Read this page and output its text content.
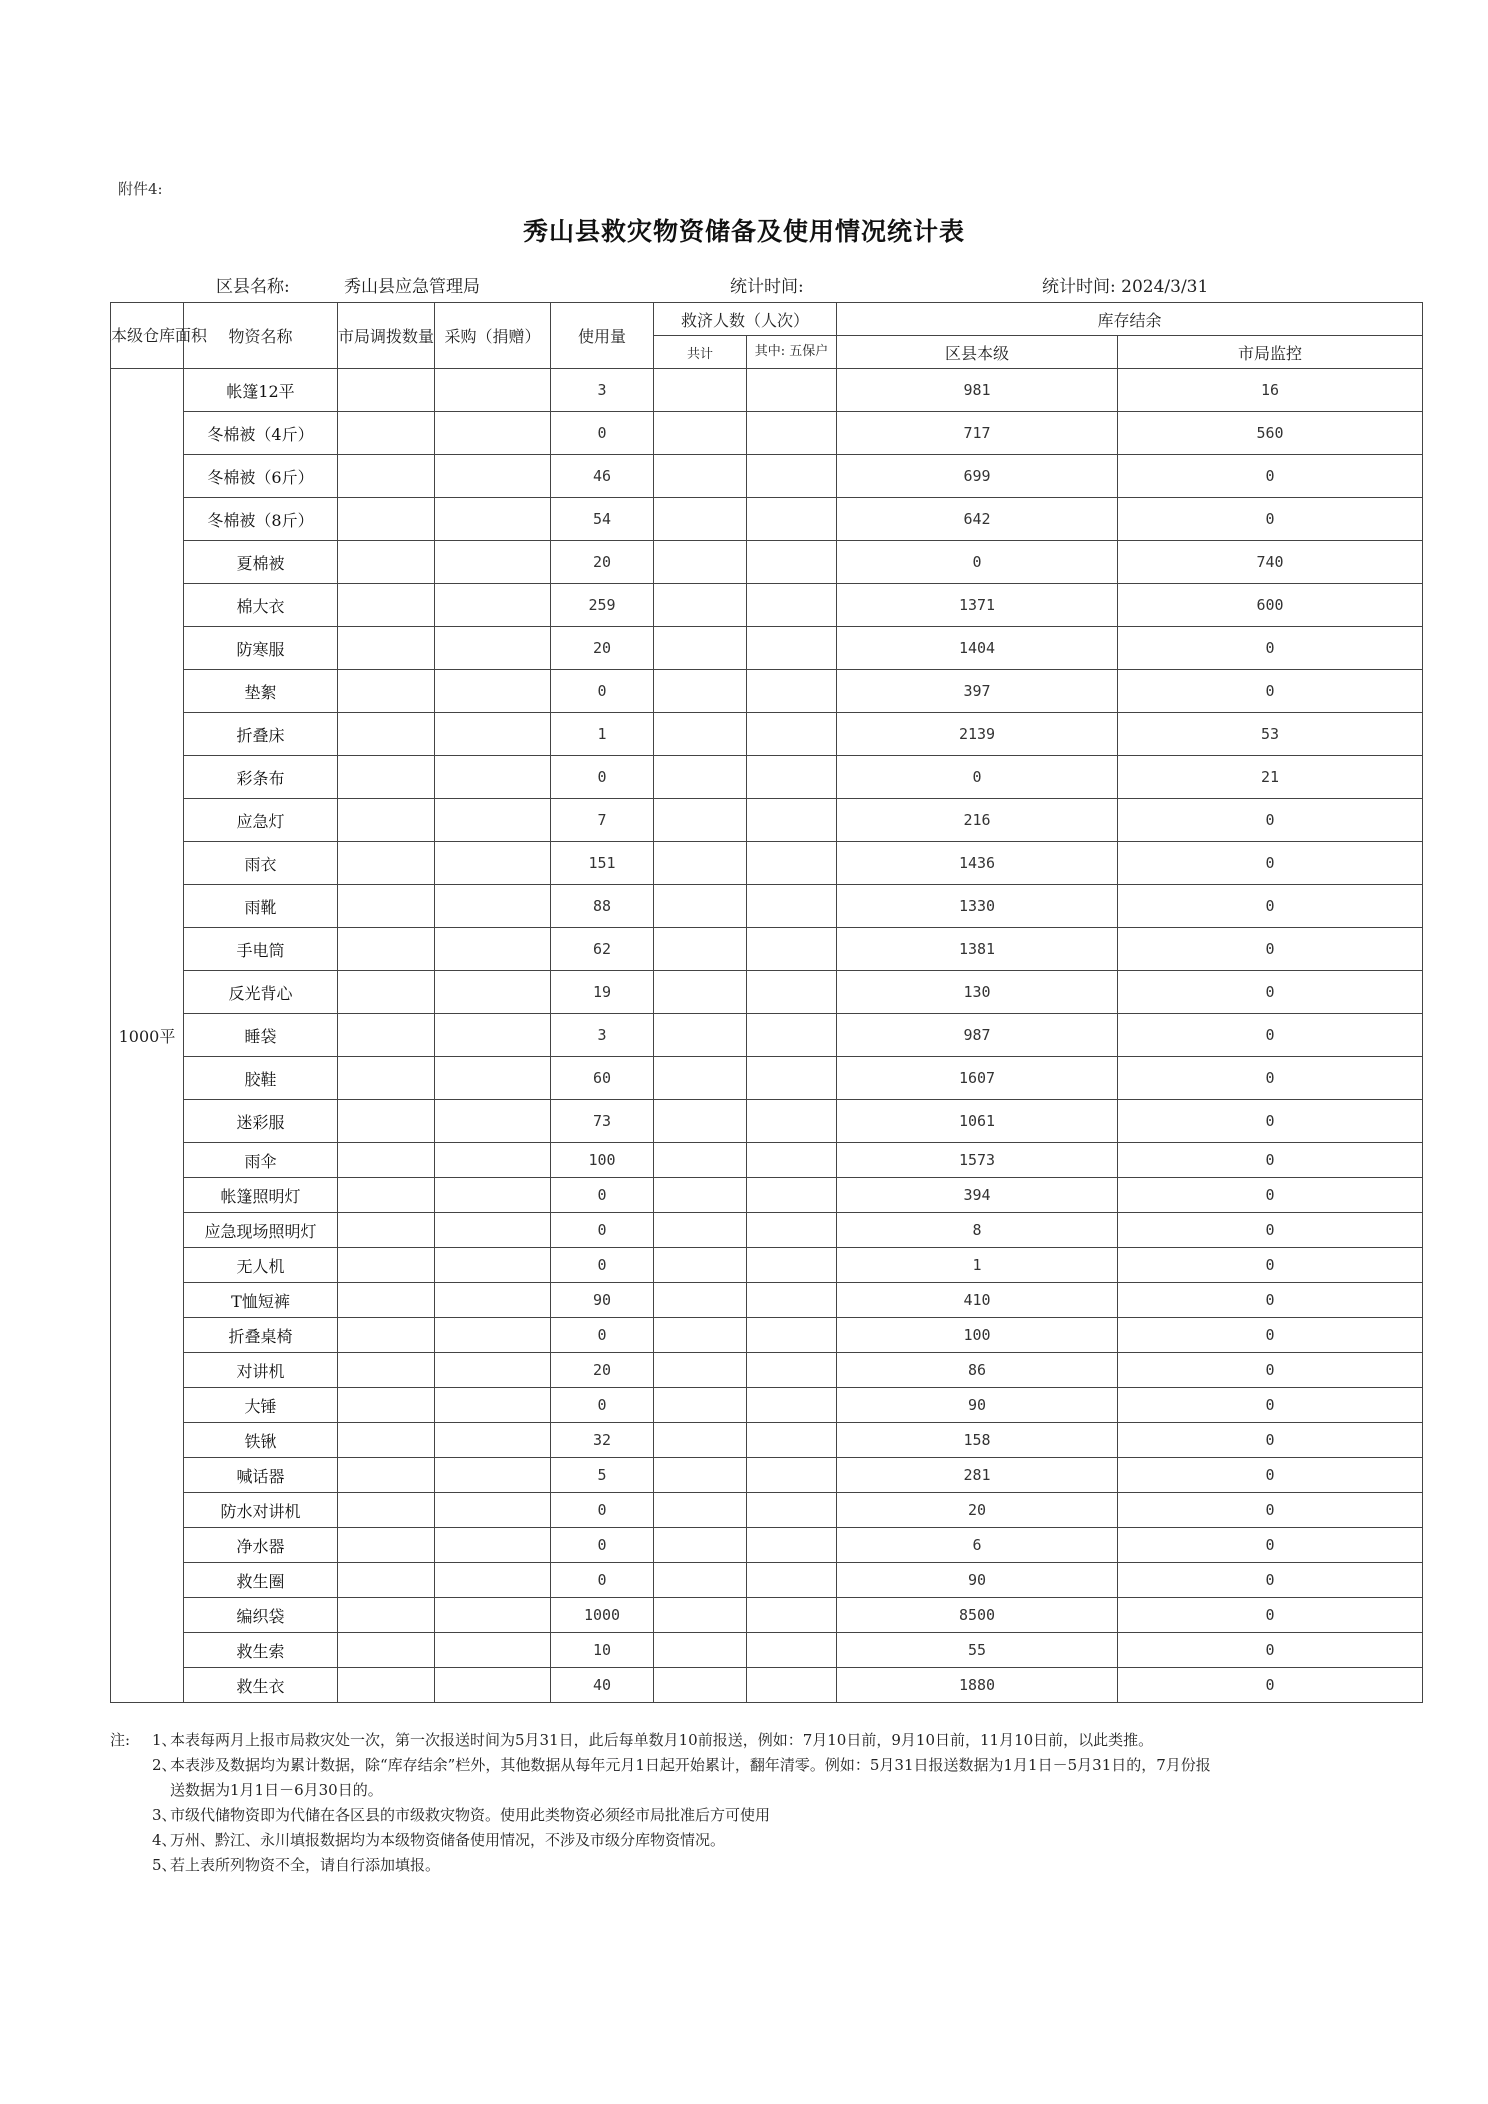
附件4:
秀山县救灾物资储备及使用情况统计表
区县名称:	秀山县应急管理局	统计时间:	统计时间: 2024/3/31
本级仓库面积	物资名称	市局调拨数量	采购（捐赠）	使用量	救济人数（人次）		库存结余	
					共计	其中: 五保户	区县本级	市局监控
1000平	帐篷12平			3			981	16
	冬棉被（4斤）			0			717	560
	冬棉被（6斤）			46			699	0
	冬棉被（8斤）			54			642	0
	夏棉被			20			0	740
	棉大衣			259			1371	600
	防寒服			20			1404	0
	垫絮			0			397	0
	折叠床			1			2139	53
	彩条布			0			0	21
	应急灯			7			216	0
	雨衣			151			1436	0
	雨靴			88			1330	0
	手电筒			62			1381	0
	反光背心			19			130	0
	睡袋			3			987	0
	胶鞋			60			1607	0
	迷彩服			73			1061	0
	雨伞			100			1573	0
	帐篷照明灯			0			394	0
	应急现场照明灯			0			8	0
	无人机			0			1	0
	T恤短裤			90			410	0
	折叠桌椅			0			100	0
	对讲机			20			86	0
	大锤			0			90	0
	铁锹			32			158	0
	喊话器			5			281	0
	防水对讲机			0			20	0
	净水器			0			6	0
	救生圈			0			90	0
	编织袋			1000			8500	0
	救生索			10			55	0
	救生衣			40			1880	0
注: 1、
本表每两月上报市局救灾处一次，第一次报送时间为5月31日，此后每单数月10前报送，例如：7月10日前，9月10日前，11月10日前，以此类推。
2、
本表涉及数据均为累计数据，除“库存结余”栏外，其他数据从每年元月1日起开始累计，翻年清零。例如：5月31日报送数据为1月1日－5月31日的，7月份报送数据为1月1日－6月30日的。
3、
市级代储物资即为代储在各区县的市级救灾物资。使用此类物资必须经市局批准后方可使用
4、
万州、黔江、永川填报数据均为本级物资储备使用情况，不涉及市级分库物资情况。
5、
若上表所列物资不全，请自行添加填报。
